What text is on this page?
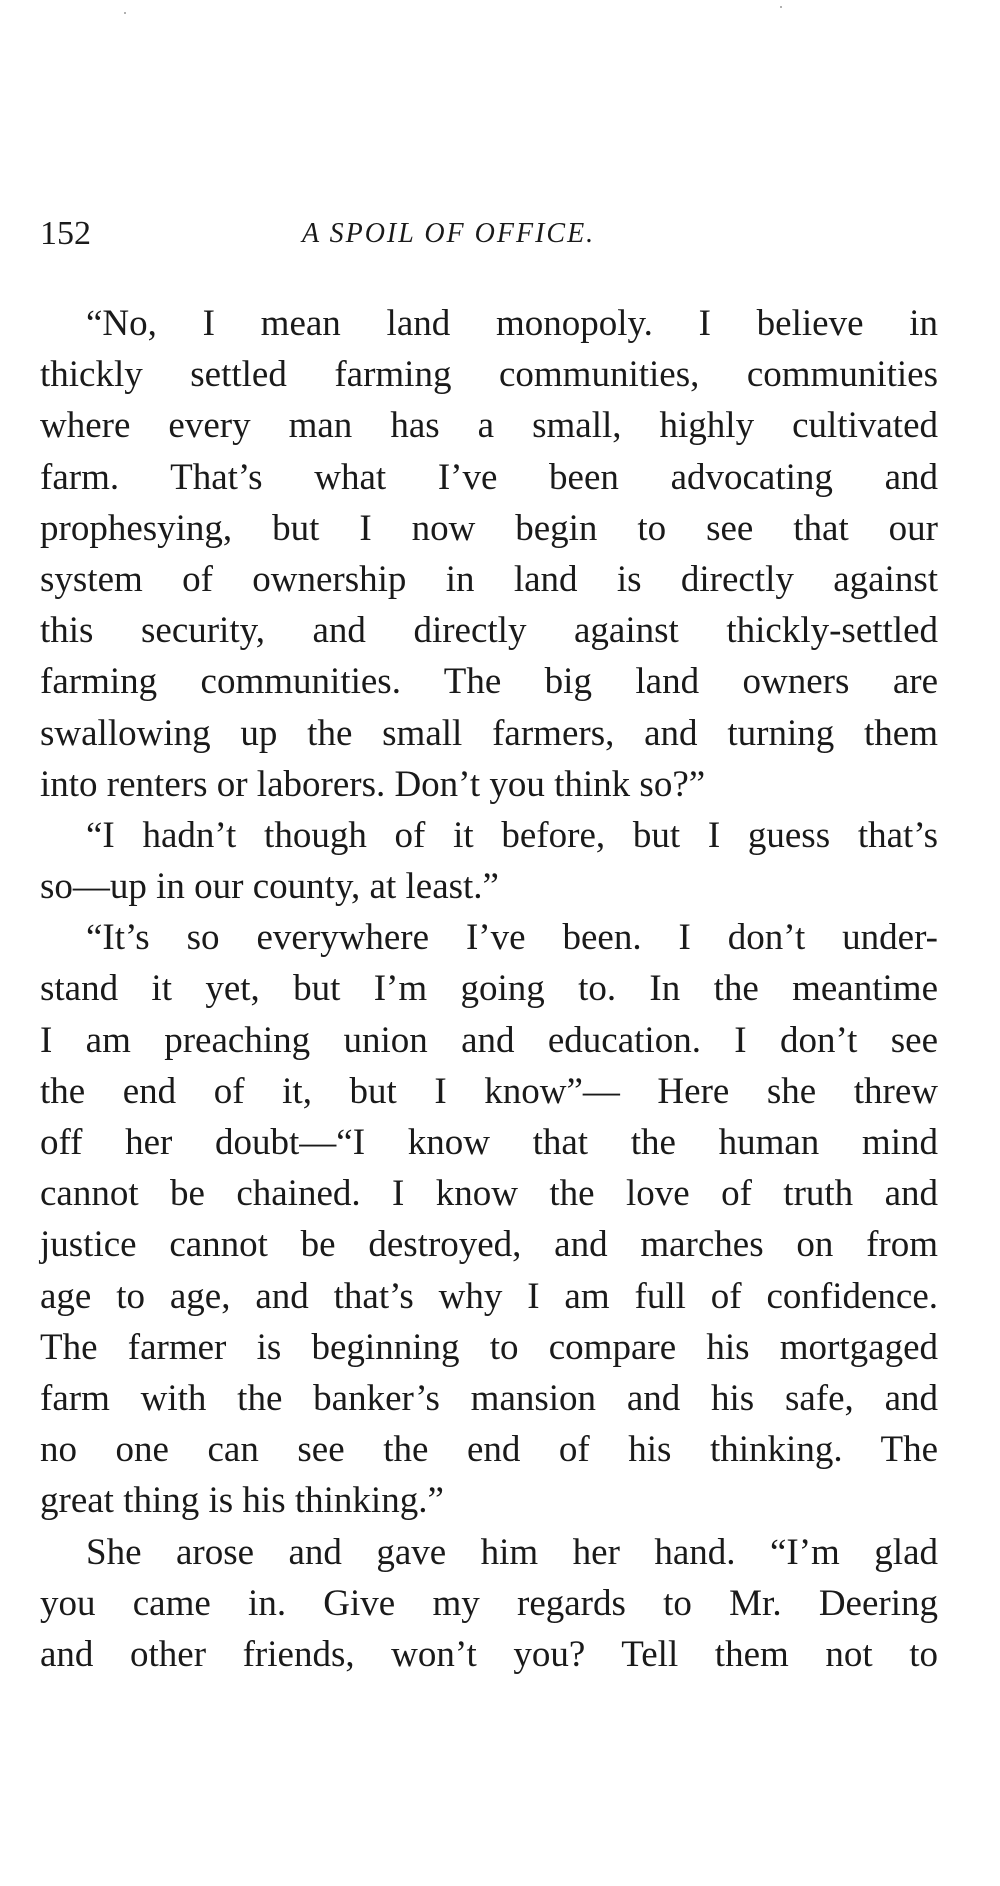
152	A SPOIL OF OFFICE.
“No, I mean land monopoly. I believe in
thickly settled farming communities, communities
where every man has a small, highly cultivated
farm. That’s what I’ve been advocating and
prophesying, but I now begin to see that our
system of ownership in land is directly against
this security, and directly against thickly-settled
farming communities. The big land owners are
swallowing up the small farmers, and turning them
into renters or laborers. Don’t you think so?”
“I hadn’t though of it before, but I guess that’s
so—up in our county, at least.”
“It’s so everywhere I’ve been. I don’t under-
stand it yet, but I’m going to. In the meantime
I am preaching union and education. I don’t see
the end of it, but I know”— Here she threw
off her doubt—“I know that the human mind
cannot be chained. I know the love of truth and
justice cannot be destroyed, and marches on from
age to age, and that’s why I am full of confidence.
The farmer is beginning to compare his mortgaged
farm with the banker’s mansion and his safe, and
no one can see the end of his thinking. The
great thing is his thinking.”
She arose and gave him her hand. “I’m glad
you came in. Give my regards to Mr. Deering
and other friends, won’t you? Tell them not to
